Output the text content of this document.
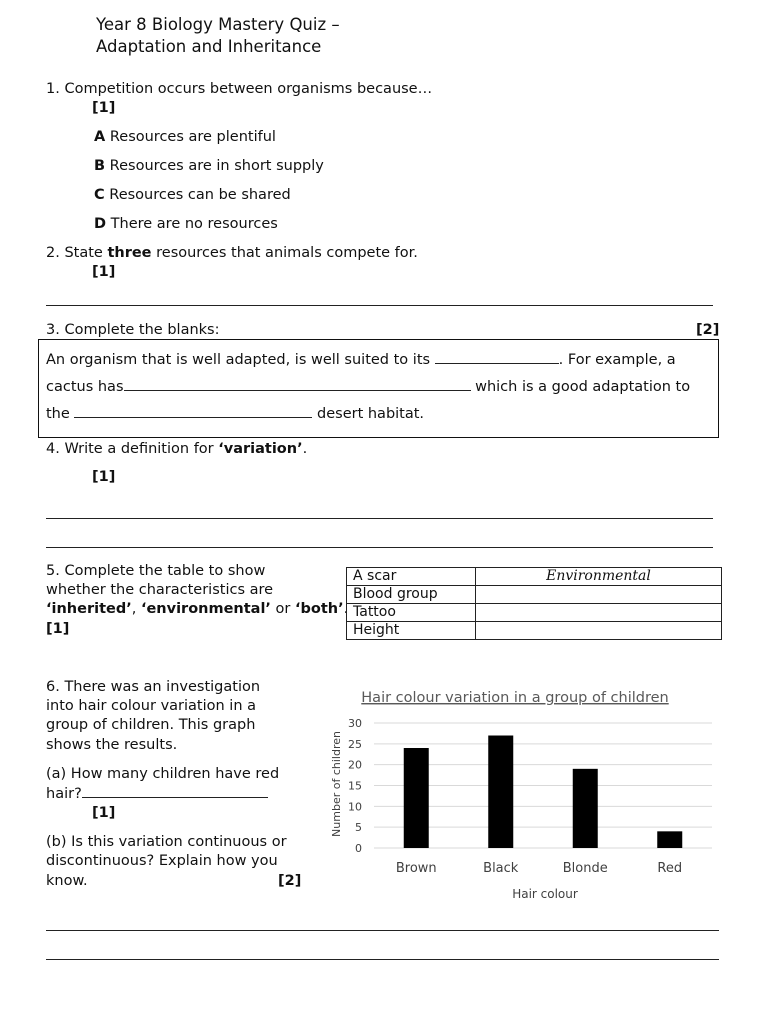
Year 8 Biology Mastery Quiz –
Adaptation and Inheritance
1. Competition occurs between organisms because…
[1]
A Resources are plentiful
B Resources are in short supply
C Resources can be shared
D There are no resources
2. State three resources that animals compete for.
[1]
3. Complete the blanks:	[2]
An organism that is well adapted, is well suited to its	. For example, a
cactus has	which is a good adaptation to
the	desert habitat.
4. Write a definition for ‘variation’.
[1]
5. Complete the table to show
whether the characteristics are
‘inherited’, ‘environmental’ or ‘both’.
[1]
A scar	Environmental
Blood group	
Tattoo	
Height	
6. There was an investigation
into hair colour variation in a
group of children. This graph
shows the results.
(a) How many children have red
hair?
[1]
(b) Is this variation continuous or
discontinuous? Explain how you
know.	[2]
Hair colour variation in a group of children
0
5
10
15
20
25
30
Brown	Black	Blonde	Red
Number of children
Hair colour
